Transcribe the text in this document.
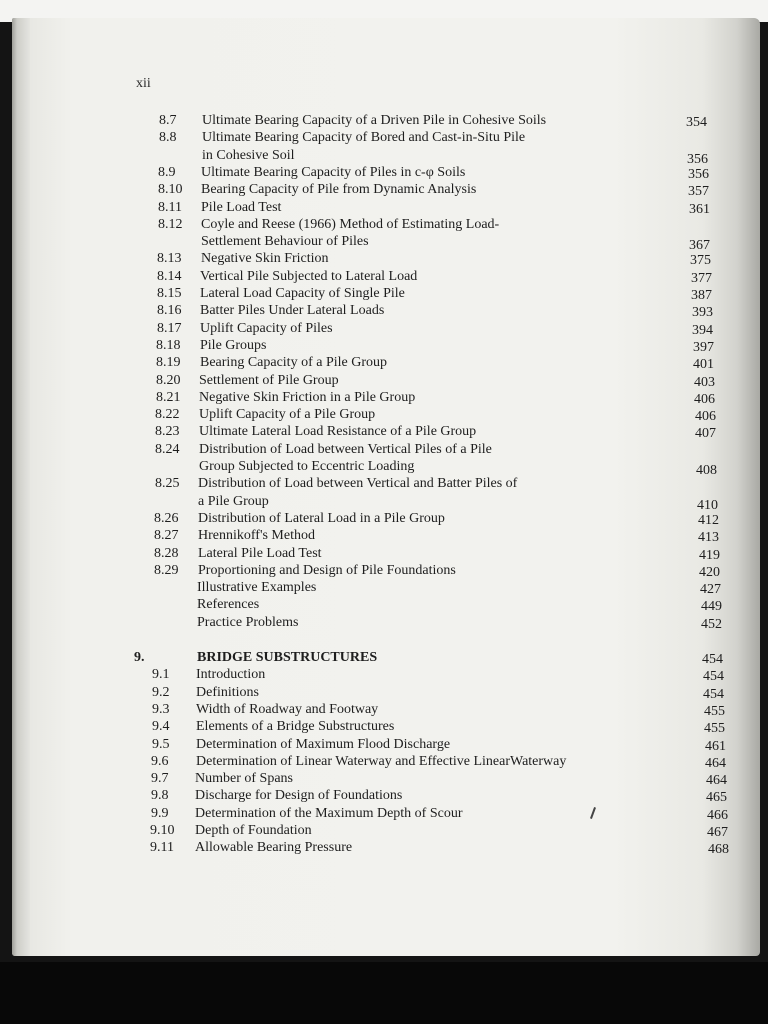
xii
8.7 Ultimate Bearing Capacity of a Driven Pile in Cohesive Soils	354
8.8 Ultimate Bearing Capacity of Bored and Cast-in-Situ Pile
in Cohesive Soil	356
8.9 Ultimate Bearing Capacity of Piles in c-φ Soils	356
8.10 Bearing Capacity of Pile from Dynamic Analysis	357
8.11 Pile Load Test	361
8.12 Coyle and Reese (1966) Method of Estimating Load-
Settlement Behaviour of Piles	367
8.13 Negative Skin Friction	375
8.14 Vertical Pile Subjected to Lateral Load	377
8.15 Lateral Load Capacity of Single Pile	387
8.16 Batter Piles Under Lateral Loads	393
8.17 Uplift Capacity of Piles	394
8.18 Pile Groups	397
8.19 Bearing Capacity of a Pile Group	401
8.20 Settlement of Pile Group	403
8.21 Negative Skin Friction in a Pile Group	406
8.22 Uplift Capacity of a Pile Group	406
8.23 Ultimate Lateral Load Resistance of a Pile Group	407
8.24 Distribution of Load between Vertical Piles of a Pile
Group Subjected to Eccentric Loading	408
8.25 Distribution of Load between Vertical and Batter Piles of
a Pile Group	410
8.26 Distribution of Lateral Load in a Pile Group	412
8.27 Hrennikoff's Method	413
8.28 Lateral Pile Load Test	419
8.29 Proportioning and Design of Pile Foundations	420
Illustrative Examples	427
References	449
Practice Problems	452
9.	BRIDGE SUBSTRUCTURES	454
9.1 Introduction	454
9.2 Definitions	454
9.3 Width of Roadway and Footway	455
9.4 Elements of a Bridge Substructures	455
9.5 Determination of Maximum Flood Discharge	461
9.6 Determination of Linear Waterway and Effective LinearWaterway	464
9.7 Number of Spans	464
9.8 Discharge for Design of Foundations	465
9.9 Determination of the Maximum Depth of Scour	466
9.10 Depth of Foundation	467
9.11 Allowable Bearing Pressure	468
